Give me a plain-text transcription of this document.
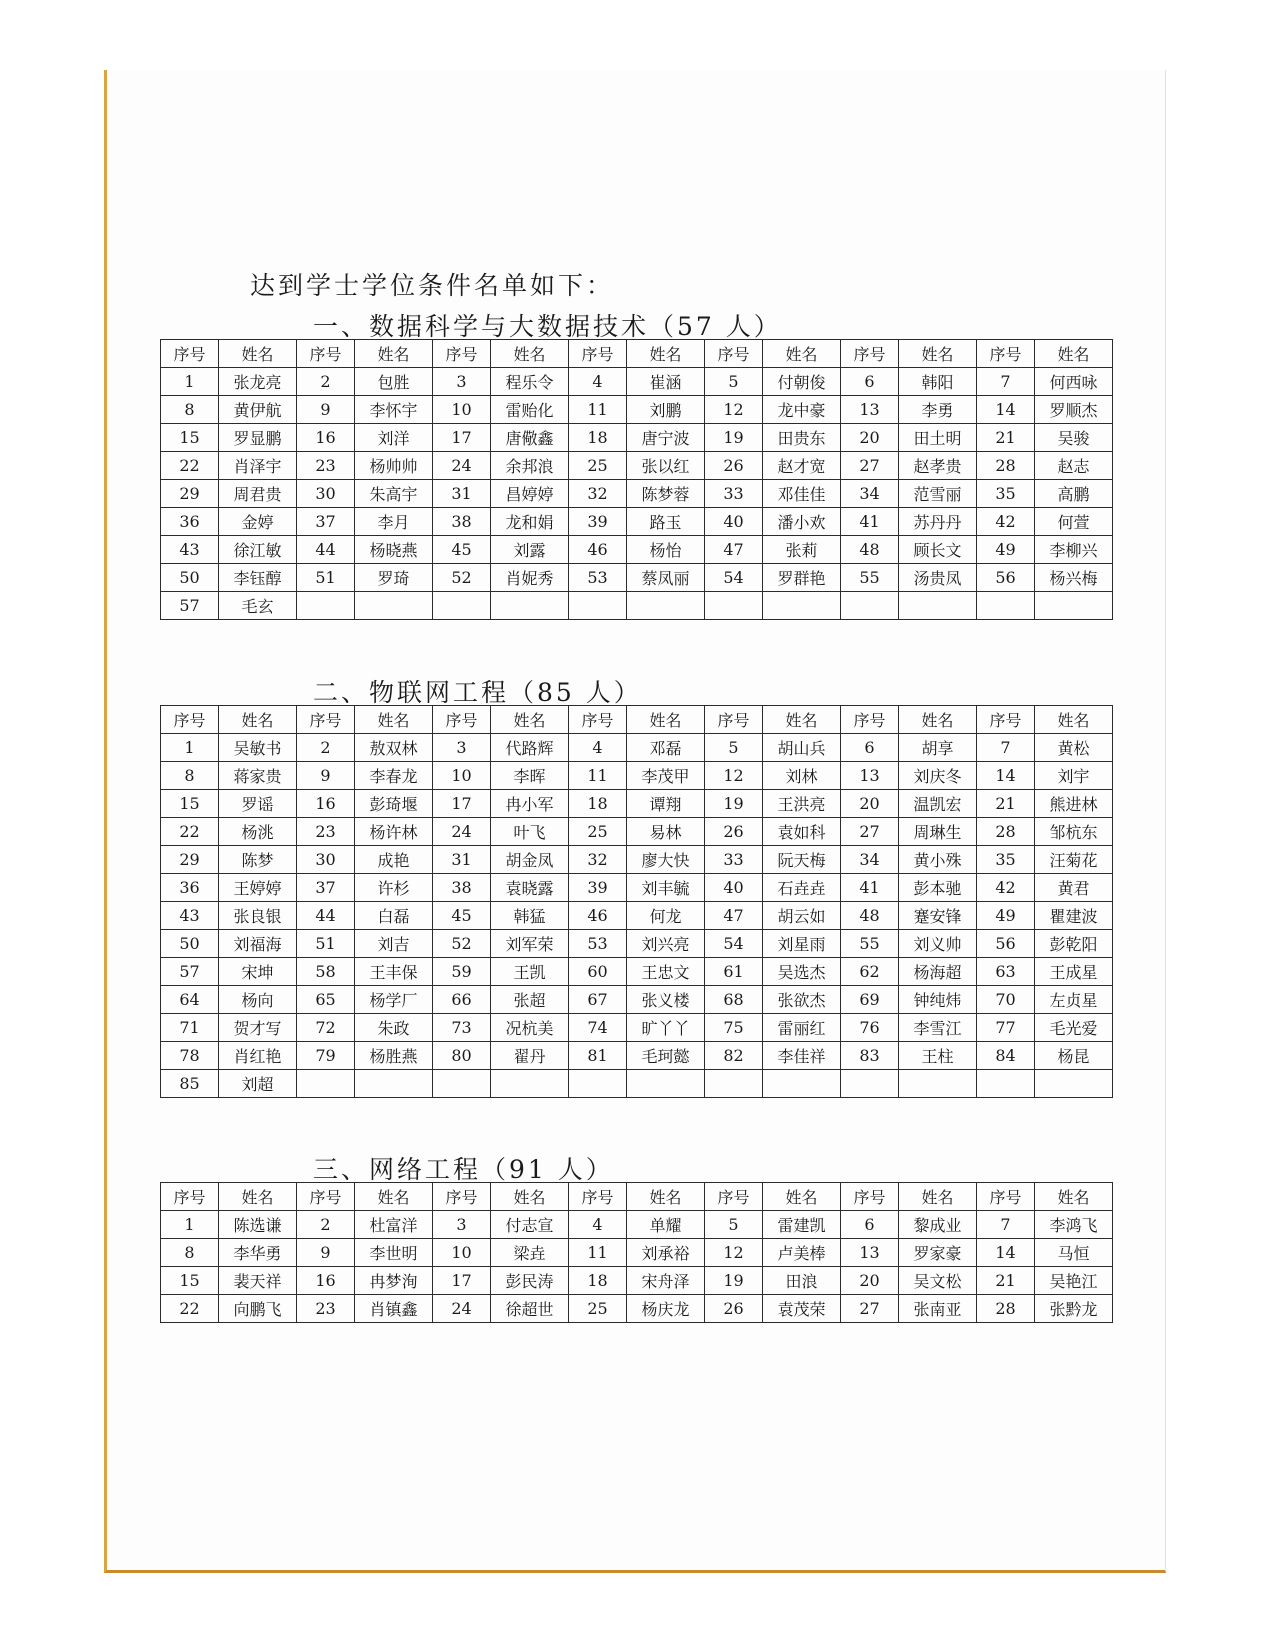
达到学士学位条件名单如下：
一、数据科学与大数据技术（57 人）
序号	姓名	序号	姓名	序号	姓名	序号	姓名	序号	姓名	序号	姓名	序号	姓名
1	张龙亮	2	包胜	3	程乐令	4	崔涵	5	付朝俊	6	韩阳	7	何西咏
8	黄伊航	9	李怀宇	10	雷贻化	11	刘鹏	12	龙中豪	13	李勇	14	罗顺杰
15	罗显鹏	16	刘洋	17	唐儆鑫	18	唐宁波	19	田贵东	20	田土明	21	吴骏
22	肖泽宇	23	杨帅帅	24	余邦浪	25	张以红	26	赵才宽	27	赵孝贵	28	赵志
29	周君贵	30	朱高宇	31	昌婷婷	32	陈梦蓉	33	邓佳佳	34	范雪丽	35	高鹏
36	金婷	37	李月	38	龙和娟	39	路玉	40	潘小欢	41	苏丹丹	42	何萱
43	徐江敏	44	杨晓燕	45	刘露	46	杨怡	47	张莉	48	顾长文	49	李柳兴
50	李钰醇	51	罗琦	52	肖妮秀	53	蔡凤丽	54	罗群艳	55	汤贵凤	56	杨兴梅
57	毛玄												
二、物联网工程（85 人）
序号	姓名	序号	姓名	序号	姓名	序号	姓名	序号	姓名	序号	姓名	序号	姓名
1	吴敏书	2	敖双林	3	代路辉	4	邓磊	5	胡山兵	6	胡享	7	黄松
8	蒋家贵	9	李春龙	10	李晖	11	李茂甲	12	刘林	13	刘庆冬	14	刘宇
15	罗谣	16	彭琦堰	17	冉小军	18	谭翔	19	王洪亮	20	温凯宏	21	熊进林
22	杨洮	23	杨许林	24	叶飞	25	易林	26	袁如科	27	周琳生	28	邹杭东
29	陈梦	30	成艳	31	胡金凤	32	廖大快	33	阮天梅	34	黄小殊	35	汪菊花
36	王婷婷	37	许杉	38	袁晓露	39	刘丰毓	40	石垚垚	41	彭本驰	42	黄君
43	张良银	44	白磊	45	韩猛	46	何龙	47	胡云如	48	蹇安锋	49	瞿建波
50	刘福海	51	刘吉	52	刘军荣	53	刘兴亮	54	刘星雨	55	刘义帅	56	彭乾阳
57	宋坤	58	王丰保	59	王凯	60	王忠文	61	吴选杰	62	杨海超	63	王成星
64	杨向	65	杨学厂	66	张超	67	张义楼	68	张欲杰	69	钟纯炜	70	左贞星
71	贺才写	72	朱政	73	况杭美	74	旷丫丫	75	雷丽红	76	李雪江	77	毛光爱
78	肖红艳	79	杨胜燕	80	翟丹	81	毛珂懿	82	李佳祥	83	王柱	84	杨昆
85	刘超												
三、网络工程（91 人）
序号	姓名	序号	姓名	序号	姓名	序号	姓名	序号	姓名	序号	姓名	序号	姓名
1	陈选谦	2	杜富洋	3	付志宣	4	单耀	5	雷建凯	6	黎成业	7	李鸿飞
8	李华勇	9	李世明	10	梁垚	11	刘承裕	12	卢美棒	13	罗家豪	14	马恒
15	裴天祥	16	冉梦洵	17	彭民涛	18	宋舟泽	19	田浪	20	吴文松	21	吴艳江
22	向鹏飞	23	肖镇鑫	24	徐超世	25	杨庆龙	26	袁茂荣	27	张南亚	28	张黔龙
